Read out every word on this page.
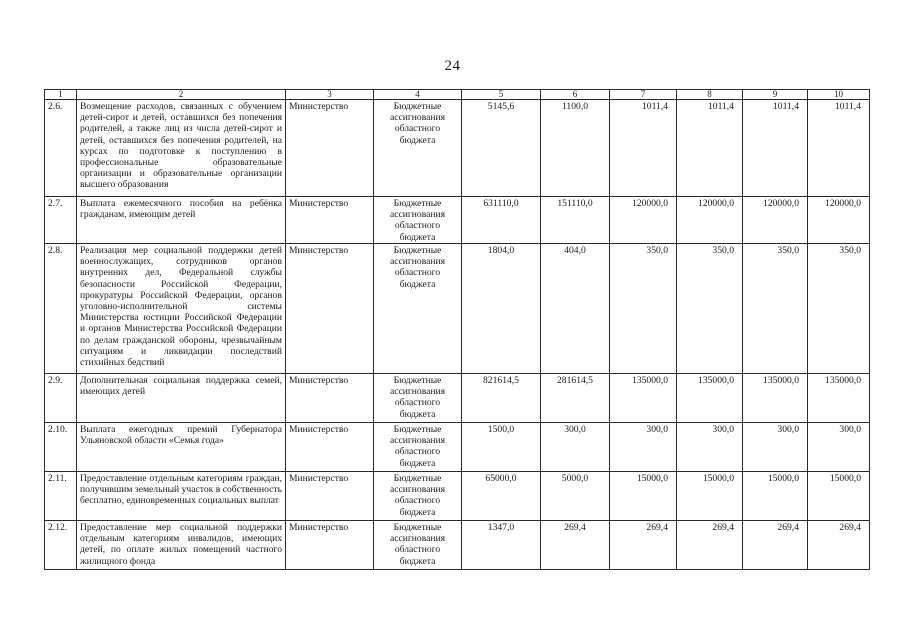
24
1	2	3	4	5	6	7	8	9	10
2.6.	Возмещение расходов, связанных с обучением детей-сирот и детей, оставшихся без попечения родителей, а также лиц из числа детей-сирот и детей, оставшихся без попечения родителей, на курсах по подготовке к поступлению в профессиональные образовательные организации и образовательные организации высшего образования	Министерство	Бюджетные ассигнования областного бюджета	5145,6	1100,0	1011,4	1011,4	1011,4	1011,4
2.7.	Выплата ежемесячного пособия на ребёнка гражданам, имеющим детей	Министерство	Бюджетные ассигнования областного бюджета	631110,0	151110,0	120000,0	120000,0	120000,0	120000,0
2.8.	Реализация мер социальной поддержки детей военнослужащих, сотрудников органов внутренних дел, Федеральной службы безопасности Российской Федерации, прокуратуры Российской Федерации, органов уголовно-исполнительной системы Министерства юстиции Российской Федерации и органов Министерства Российской Федерации по делам гражданской обороны, чрезвычайным ситуациям и ликвидации последствий стихийных бедствий	Министерство	Бюджетные ассигнования областного бюджета	1804,0	404,0	350,0	350,0	350,0	350,0
2.9.	Дополнительная социальная поддержка семей, имеющих детей	Министерство	Бюджетные ассигнования областного бюджета	821614,5	281614,5	135000,0	135000,0	135000,0	135000,0
2.10.	Выплата ежегодных премий Губернатора Ульяновской области «Семья года»	Министерство	Бюджетные ассигнования областного бюджета	1500,0	300,0	300,0	300,0	300,0	300,0
2.11.	Предоставление отдельным категориям граждан, получившим земельный участок в собственность бесплатно, единовременных социальных выплат	Министерство	Бюджетные ассигнования областного бюджета	65000,0	5000,0	15000,0	15000,0	15000,0	15000,0
2.12.	Предоставление мер социальной поддержки отдельным категориям инвалидов, имеющих детей, по оплате жилых помещений частного жилищного фонда	Министерство	Бюджетные ассигнования областного бюджета	1347,0	269,4	269,4	269,4	269,4	269,4
